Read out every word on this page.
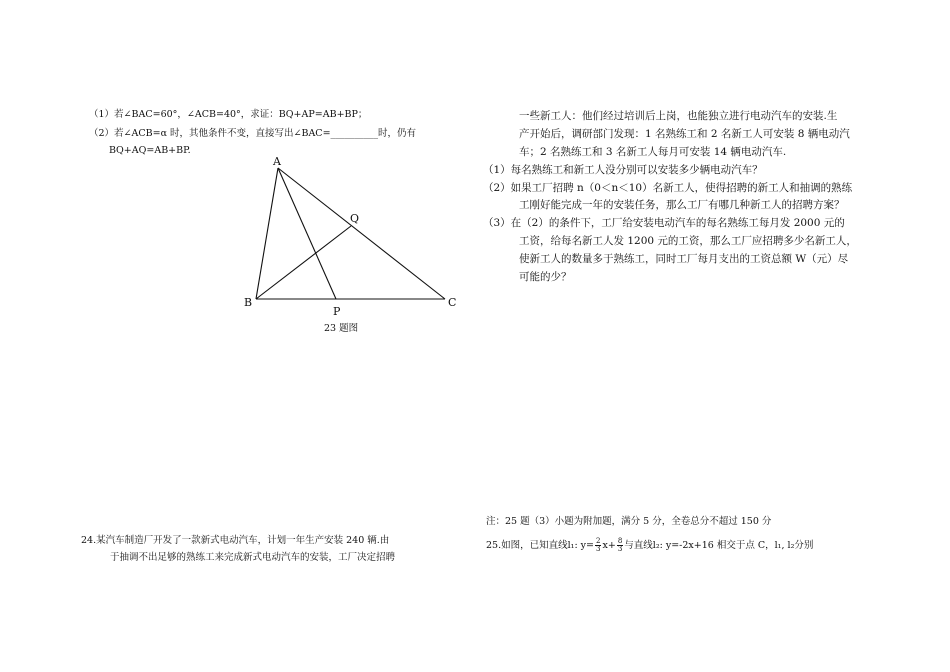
（1）若∠BAC=60°，∠ACB=40°，求证：BQ+AP=AB+BP；
（2）若∠ACB=α 时，其他条件不变，直接写出∠BAC=__________时，仍有
BQ+AQ=AB+BP.
A
B	C
P
Q
23 题图
24.某汽车制造厂开发了一款新式电动汽车，计划一年生产安装 240 辆.由
于抽调不出足够的熟练工来完成新式电动汽车的安装，工厂决定招聘
一些新工人：他们经过培训后上岗，也能独立进行电动汽车的安装.生
产开始后，调研部门发现：1 名熟练工和 2 名新工人可安装 8 辆电动汽
车；2 名熟练工和 3 名新工人每月可安装 14 辆电动汽车.
（1）每名熟练工和新工人没分别可以安装多少辆电动汽车？
（2）如果工厂招聘 n（0＜n＜10）名新工人，使得招聘的新工人和抽调的熟练
工刚好能完成一年的安装任务，那么工厂有哪几种新工人的招聘方案？
（3）在（2）的条件下，工厂给安装电动汽车的每名熟练工每月发 2000 元的
工资，给每名新工人发 1200 元的工资，那么工厂应招聘多少名新工人，
使新工人的数量多于熟练工，同时工厂每月支出的工资总额 W（元）尽
可能的少？
注：25 题（3）小题为附加题，满分 5 分，全卷总分不超过 150 分
25.如图，已知直线l₁: $y= \frac{2}{3} x+ \frac{8}{3}$ 与直线l₂: y=-2x+16 相交于点 C，l₁, l₂分别
